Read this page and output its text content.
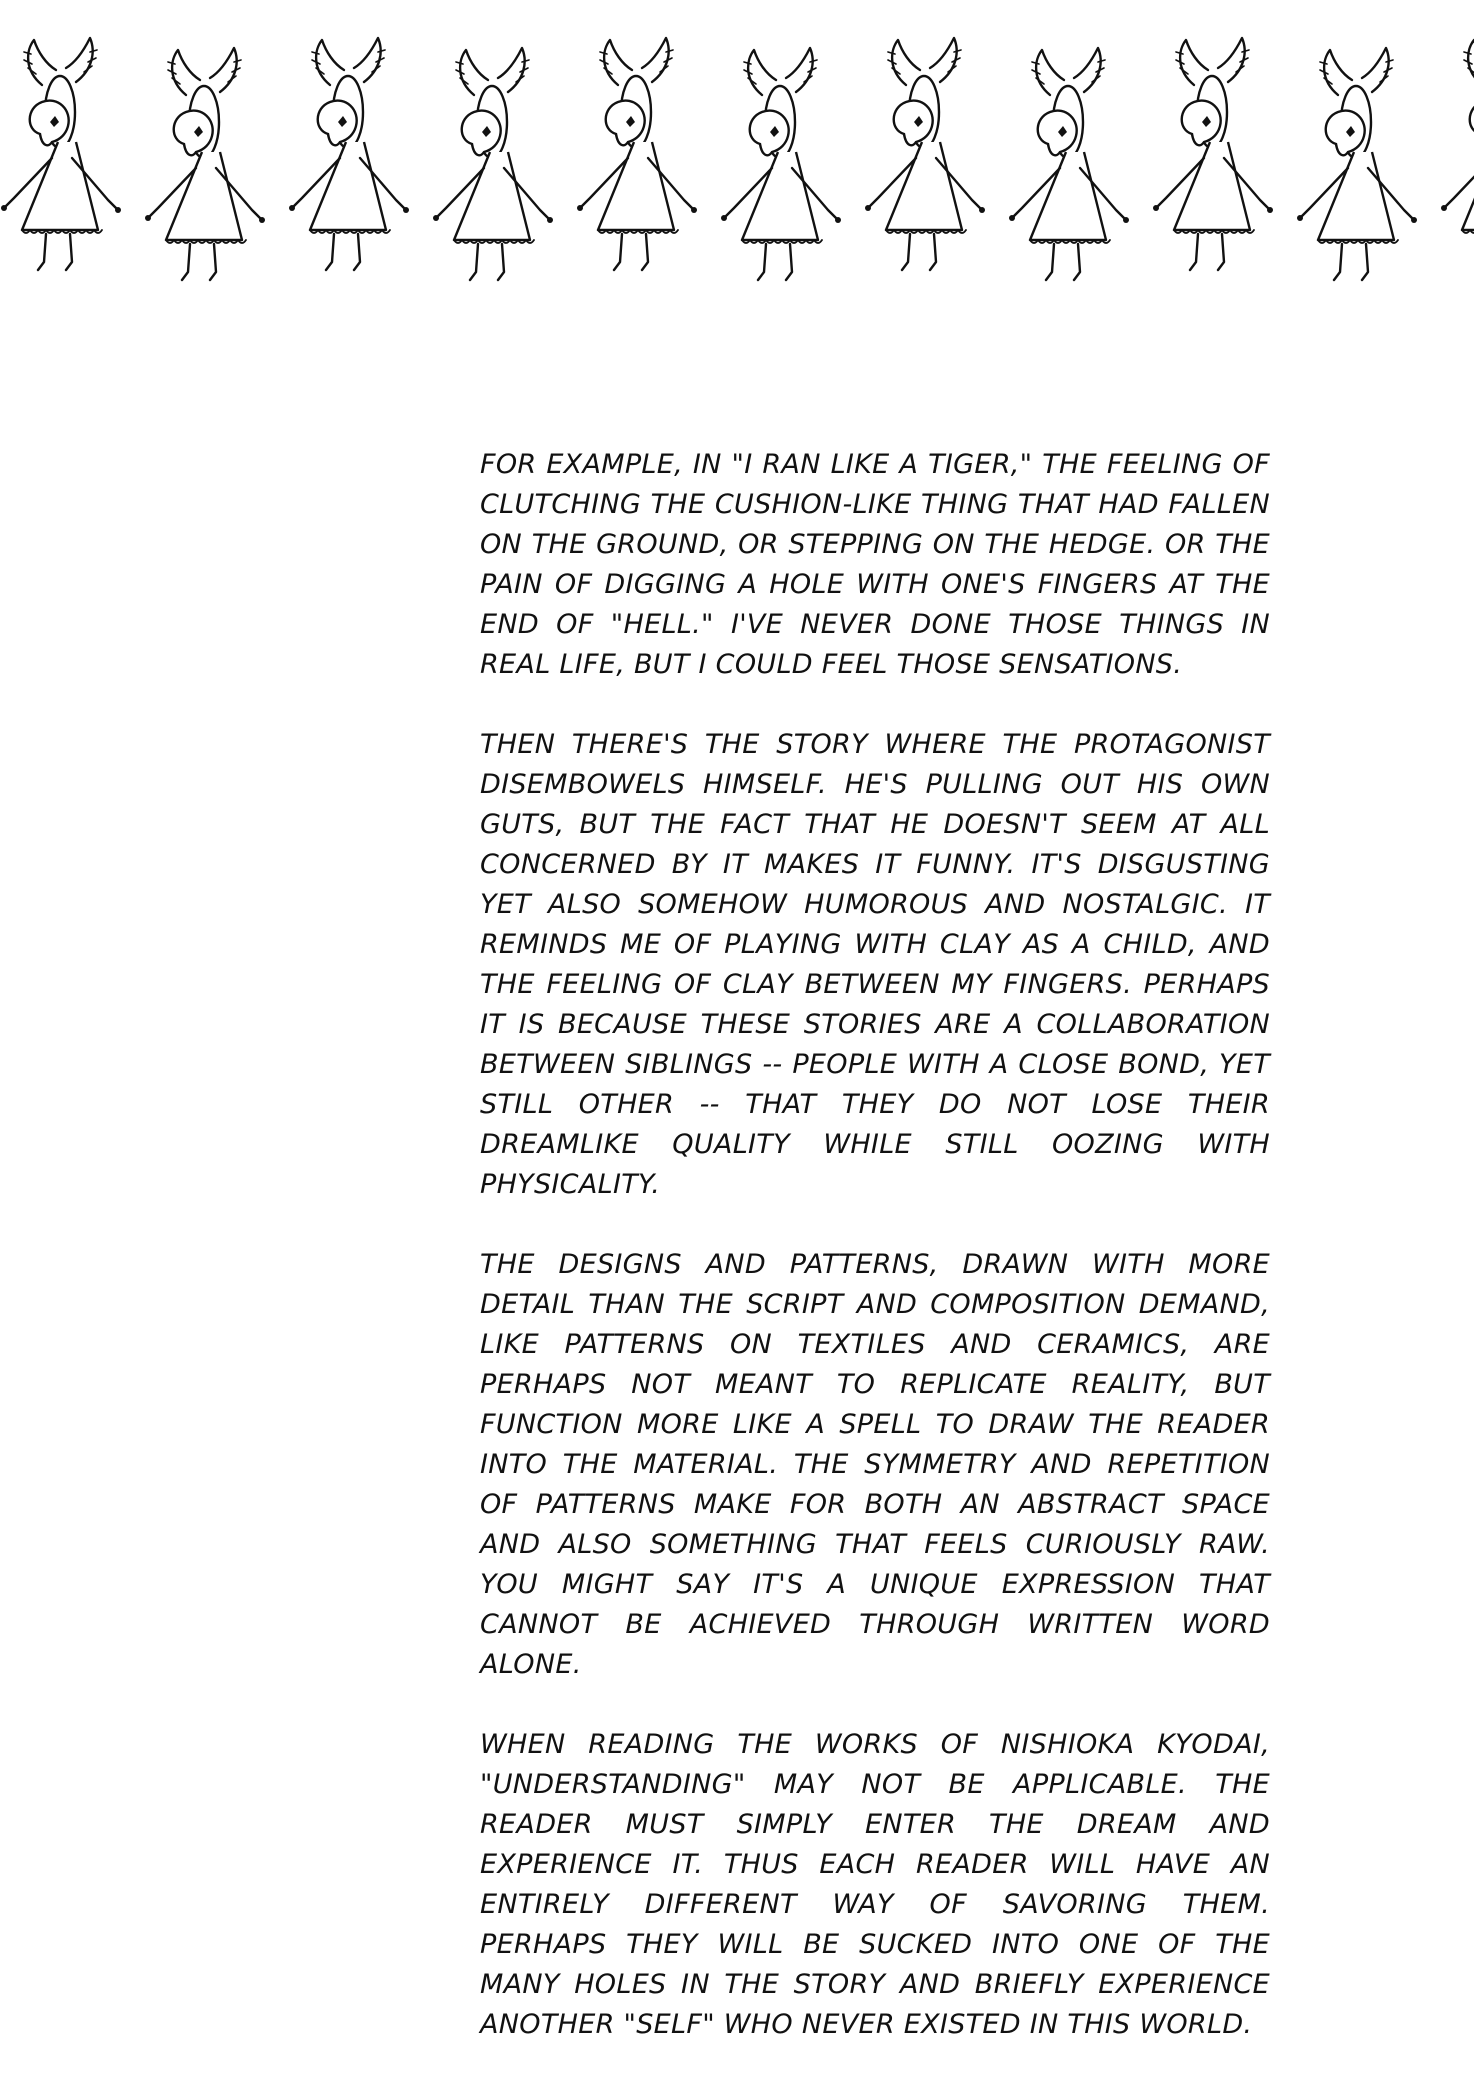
FOR EXAMPLE, IN "I RAN LIKE A TIGER," THE FEELING OF CLUTCHING THE CUSHION-LIKE THING THAT HAD FALLEN ON THE GROUND, OR STEPPING ON THE HEDGE. OR THE PAIN OF DIGGING A HOLE WITH ONE'S FINGERS AT THE END OF "HELL." I'VE NEVER DONE THOSE THINGS IN REAL LIFE, BUT I COULD FEEL THOSE SENSATIONS.

THEN THERE'S THE STORY WHERE THE PROTAGONIST DISEMBOWELS HIMSELF. HE'S PULLING OUT HIS OWN GUTS, BUT THE FACT THAT HE DOESN'T SEEM AT ALL CONCERNED BY IT MAKES IT FUNNY. IT'S DISGUSTING YET ALSO SOMEHOW HUMOROUS AND NOSTALGIC. IT REMINDS ME OF PLAYING WITH CLAY AS A CHILD, AND THE FEELING OF CLAY BETWEEN MY FINGERS. PERHAPS IT IS BECAUSE THESE STORIES ARE A COLLABORATION BETWEEN SIBLINGS -- PEOPLE WITH A CLOSE BOND, YET STILL OTHER -- THAT THEY DO NOT LOSE THEIR DREAMLIKE QUALITY WHILE STILL OOZING WITH PHYSICALITY.

THE DESIGNS AND PATTERNS, DRAWN WITH MORE DETAIL THAN THE SCRIPT AND COMPOSITION DEMAND, LIKE PATTERNS ON TEXTILES AND CERAMICS, ARE PERHAPS NOT MEANT TO REPLICATE REALITY, BUT FUNCTION MORE LIKE A SPELL TO DRAW THE READER INTO THE MATERIAL. THE SYMMETRY AND REPETITION OF PATTERNS MAKE FOR BOTH AN ABSTRACT SPACE AND ALSO SOMETHING THAT FEELS CURIOUSLY RAW. YOU MIGHT SAY IT'S A UNIQUE EXPRESSION THAT CANNOT BE ACHIEVED THROUGH WRITTEN WORD ALONE.

WHEN READING THE WORKS OF NISHIOKA KYODAI, "UNDERSTANDING" MAY NOT BE APPLICABLE. THE READER MUST SIMPLY ENTER THE DREAM AND EXPERIENCE IT. THUS EACH READER WILL HAVE AN ENTIRELY DIFFERENT WAY OF SAVORING THEM. PERHAPS THEY WILL BE SUCKED INTO ONE OF THE MANY HOLES IN THE STORY AND BRIEFLY EXPERIENCE ANOTHER "SELF" WHO NEVER EXISTED IN THIS WORLD.
